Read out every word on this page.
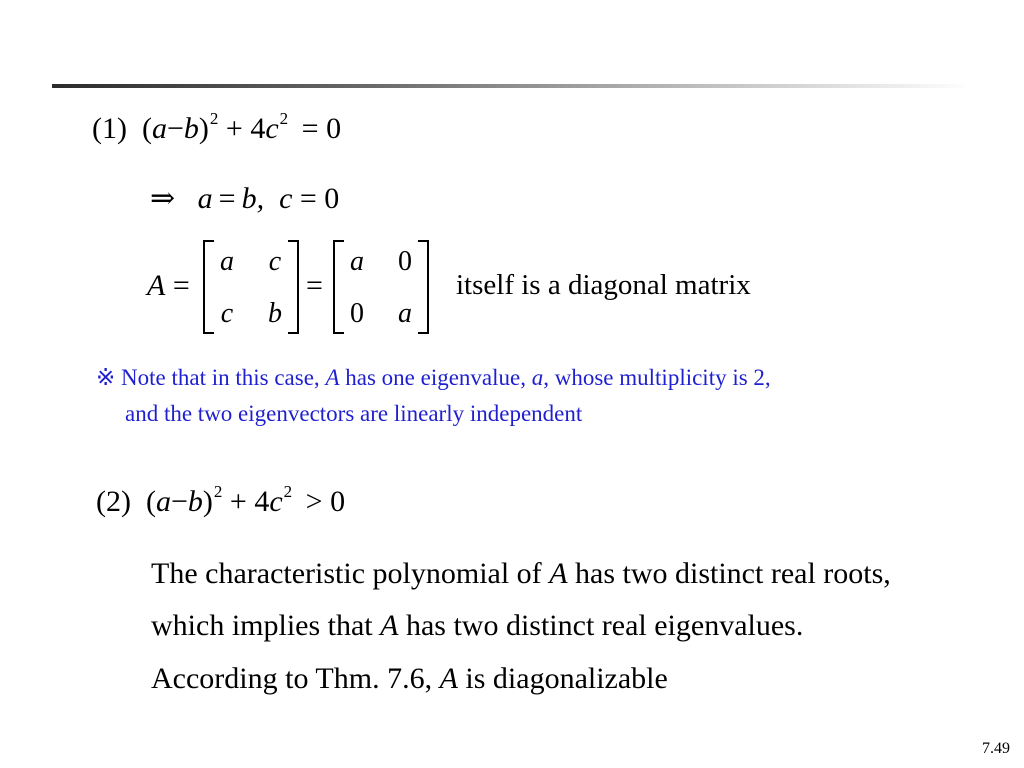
(1) $(a-b)^2 + 4c^2 = 0$
⇒ a = b, c = 0
A =
a c
c b
=
a 0
0 a
itself is a diagonal matrix
※ Note that in this case, A has one eigenvalue, a, whose multiplicity is 2,
and the two eigenvectors are linearly independent
(2) $(a-b)^2 + 4c^2 > 0$
The characteristic polynomial of A has two distinct real roots,
which implies that A has two distinct real eigenvalues.
According to Thm. 7.6, A is diagonalizable
7.49
